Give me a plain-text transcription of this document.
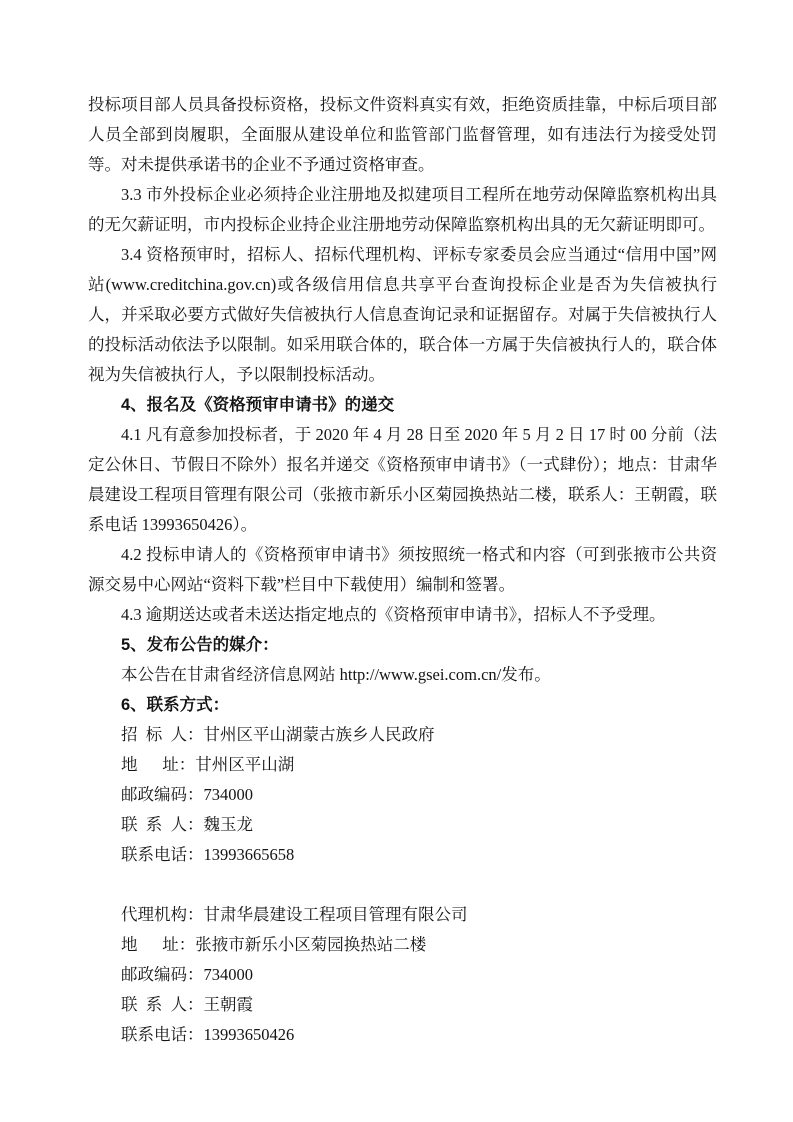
投标项目部人员具备投标资格，投标文件资料真实有效，拒绝资质挂靠，中标后项目部人员全部到岗履职，全面服从建设单位和监管部门监督管理，如有违法行为接受处罚等。对未提供承诺书的企业不予通过资格审查。

3.3 市外投标企业必须持企业注册地及拟建项目工程所在地劳动保障监察机构出具的无欠薪证明，市内投标企业持企业注册地劳动保障监察机构出具的无欠薪证明即可。

3.4 资格预审时，招标人、招标代理机构、评标专家委员会应当通过“信用中国”网站(www.creditchina.gov.cn)或各级信用信息共享平台查询投标企业是否为失信被执行人，并采取必要方式做好失信被执行人信息查询记录和证据留存。对属于失信被执行人的投标活动依法予以限制。如采用联合体的，联合体一方属于失信被执行人的，联合体视为失信被执行人，予以限制投标活动。

4、报名及《资格预审申请书》的递交

4.1 凡有意参加投标者，于 2020 年 4 月 28 日至 2020 年 5 月 2 日 17 时 00 分前（法定公休日、节假日不除外）报名并递交《资格预审申请书》（一式肆份）；地点：甘肃华晨建设工程项目管理有限公司（张掖市新乐小区菊园换热站二楼，联系人：王朝霞，联系电话 13993650426）。

4.2 投标申请人的《资格预审申请书》须按照统一格式和内容（可到张掖市公共资源交易中心网站“资料下载”栏目中下载使用）编制和签署。

4.3 逾期送达或者未送达指定地点的《资格预审申请书》，招标人不予受理。

5、发布公告的媒介：

本公告在甘肃省经济信息网站 http://www.gsei.com.cn/发布。

6、联系方式：

招  标  人：甘州区平山湖蒙古族乡人民政府

地      址：甘州区平山湖

邮政编码：734000

联  系  人：魏玉龙

联系电话：13993665658

代理机构：甘肃华晨建设工程项目管理有限公司

地      址：张掖市新乐小区菊园换热站二楼

邮政编码：734000

联  系  人：王朝霞

联系电话：13993650426
